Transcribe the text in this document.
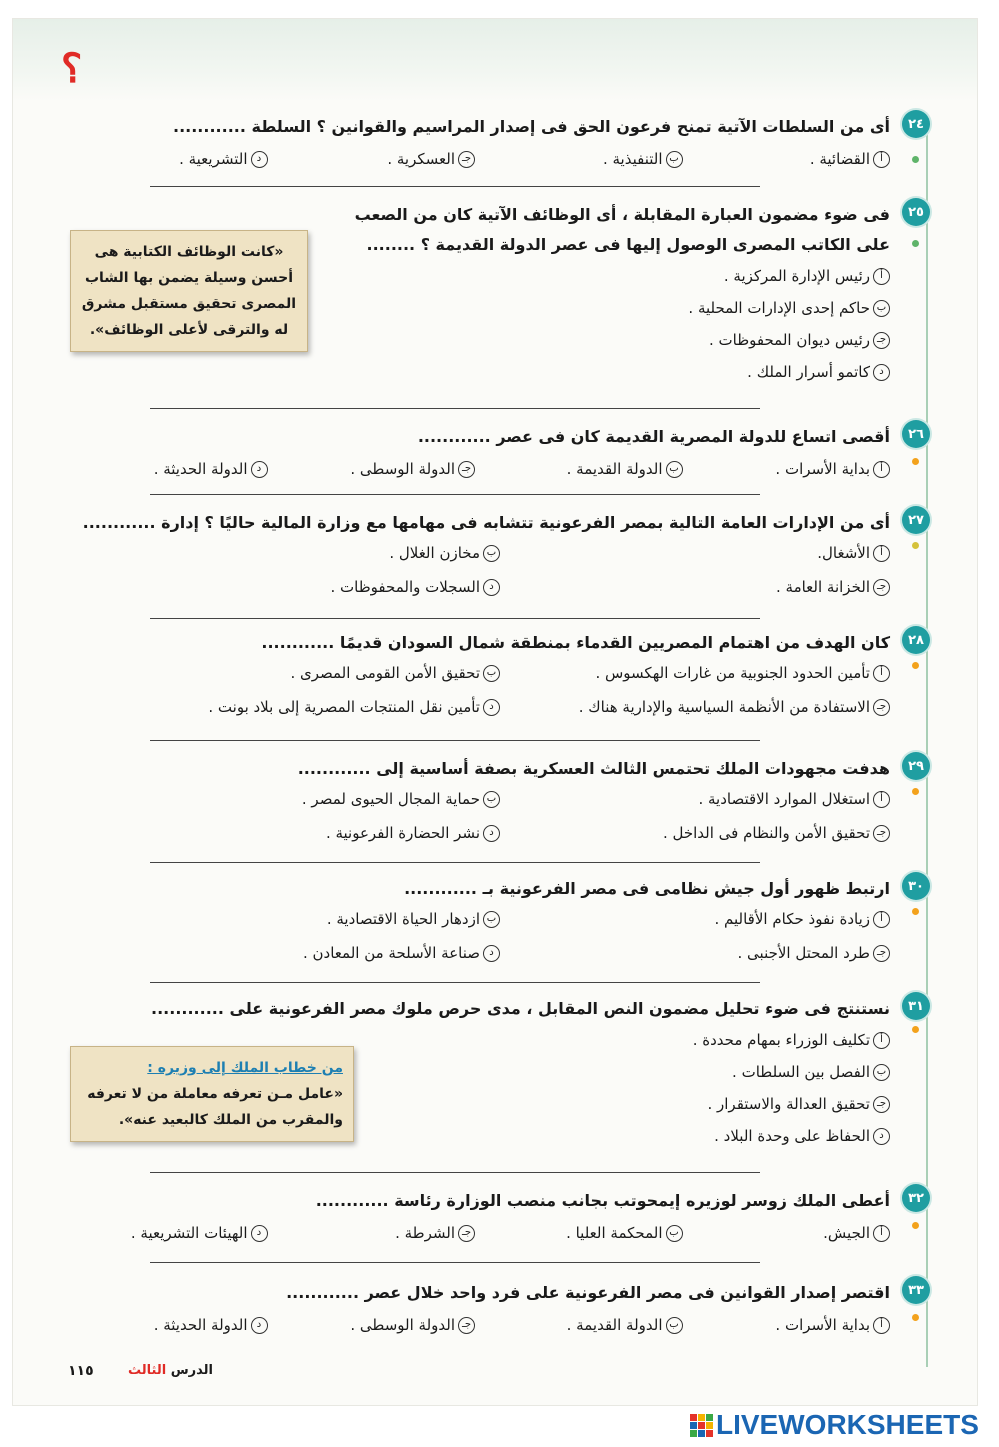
؟
٢٤
أى من السلطات الآتية تمنح فرعون الحق فى إصدار المراسيم والقوانين ؟ السلطة ............
أ
القضائية .
ب
التنفيذية .
جـ
العسكرية .
د
التشريعية .
٢٥
فى ضوء مضمون العبارة المقابلة ، أى الوظائف الآتية كان من الصعب
على الكاتب المصرى الوصول إليها فى عصر الدولة القديمة ؟ ........
أ
رئيس الإدارة المركزية .
ب
حاكم إحدى الإدارات المحلية .
جـ
رئيس ديوان المحفوظات .
د
كاتمو أسرار الملك .
«كانت الوظائف الكتابية هى أحسن وسيلة يضمن بها الشاب المصرى تحقيق مستقبل مشرق له والترقى لأعلى الوظائف».
٢٦
أقصى اتساع للدولة المصرية القديمة كان فى عصر ............
أ
بداية الأسرات .
ب
الدولة القديمة .
جـ
الدولة الوسطى .
د
الدولة الحديثة .
٢٧
أى من الإدارات العامة التالية بمصر الفرعونية تتشابه فى مهامها مع وزارة المالية حاليًا ؟ إدارة ............
أ
الأشغال.
ب
مخازن الغلال .
جـ
الخزانة العامة .
د
السجلات والمحفوظات .
٢٨
كان الهدف من اهتمام المصريين القدماء بمنطقة شمال السودان قديمًا ............
أ
تأمين الحدود الجنوبية من غارات الهكسوس .
ب
تحقيق الأمن القومى المصرى .
جـ
الاستفادة من الأنظمة السياسية والإدارية هناك .
د
تأمين نقل المنتجات المصرية إلى بلاد بونت .
٢٩
هدفت مجهودات الملك تحتمس الثالث العسكرية بصفة أساسية إلى ............
أ
استغلال الموارد الاقتصادية .
ب
حماية المجال الحيوى لمصر .
جـ
تحقيق الأمن والنظام فى الداخل .
د
نشر الحضارة الفرعونية .
٣٠
ارتبط ظهور أول جيش نظامى فى مصر الفرعونية بـ ............
أ
زيادة نفوذ حكام الأقاليم .
ب
ازدهار الحياة الاقتصادية .
جـ
طرد المحتل الأجنبى .
د
صناعة الأسلحة من المعادن .
٣١
نستنتج فى ضوء تحليل مضمون النص المقابل ، مدى حرص ملوك مصر الفرعونية على ............
أ
تكليف الوزراء بمهام محددة .
ب
الفصل بين السلطات .
جـ
تحقيق العدالة والاستقرار .
د
الحفاظ على وحدة البلاد .
من خطاب الملك إلى وزيره :
«عامل مـن تعرفه معاملة من لا تعرفه والمقرب من الملك كالبعيد عنه».
٣٢
أعطى الملك زوسر لوزيره إيمحوتب بجانب منصب الوزارة رئاسة ............
أ
الجيش.
ب
المحكمة العليا .
جـ
الشرطة .
د
الهيئات التشريعية .
٣٣
اقتصر إصدار القوانين فى مصر الفرعونية على فرد واحد خلال عصر ............
أ
بداية الأسرات .
ب
الدولة القديمة .
جـ
الدولة الوسطى .
د
الدولة الحديثة .
١١٥	الدرس الثالث
LIVEWORKSHEETS
